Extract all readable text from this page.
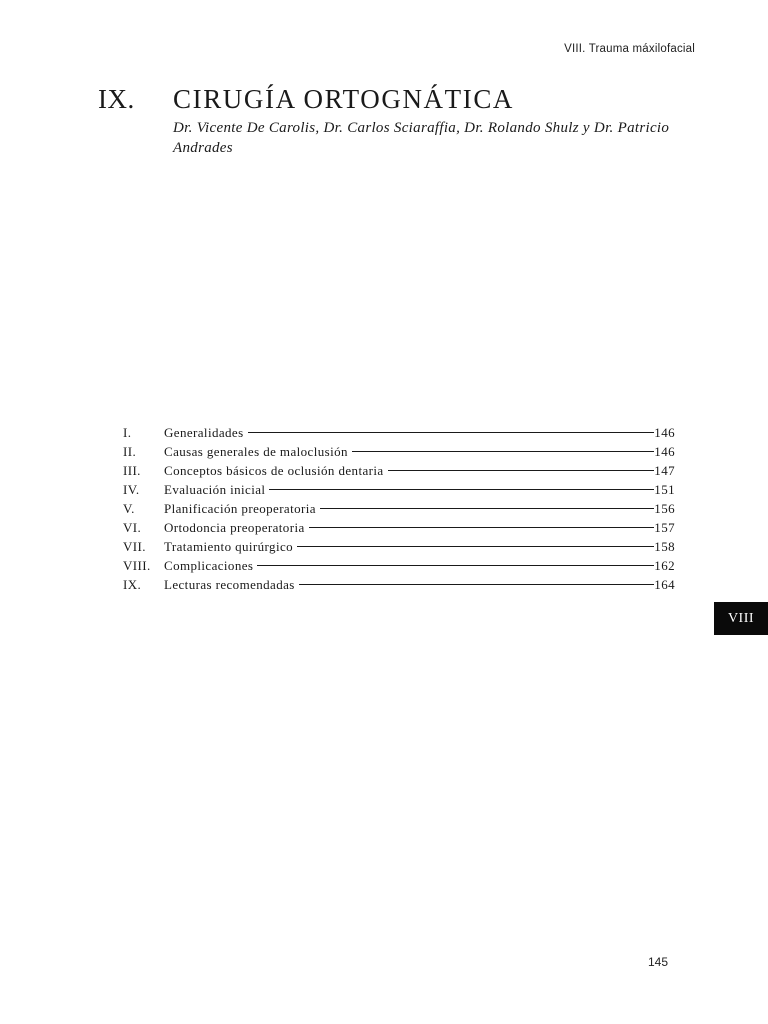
VIII. Trauma máxilofacial
IX. CIRUGÍA ORTOGNÁTICA
Dr. Vicente De Carolis, Dr. Carlos Sciaraffia, Dr. Rolando Shulz y Dr. Patricio Andrades
I.	Generalidades	146
II.	Causas generales de maloclusión	146
III.	Conceptos básicos de oclusión dentaria	147
IV.	Evaluación inicial	151
V.	Planificación preoperatoria	156
VI.	Ortodoncia preoperatoria	157
VII.	Tratamiento quirúrgico	158
VIII.	Complicaciones	162
IX.	Lecturas recomendadas	164
VIII
145
